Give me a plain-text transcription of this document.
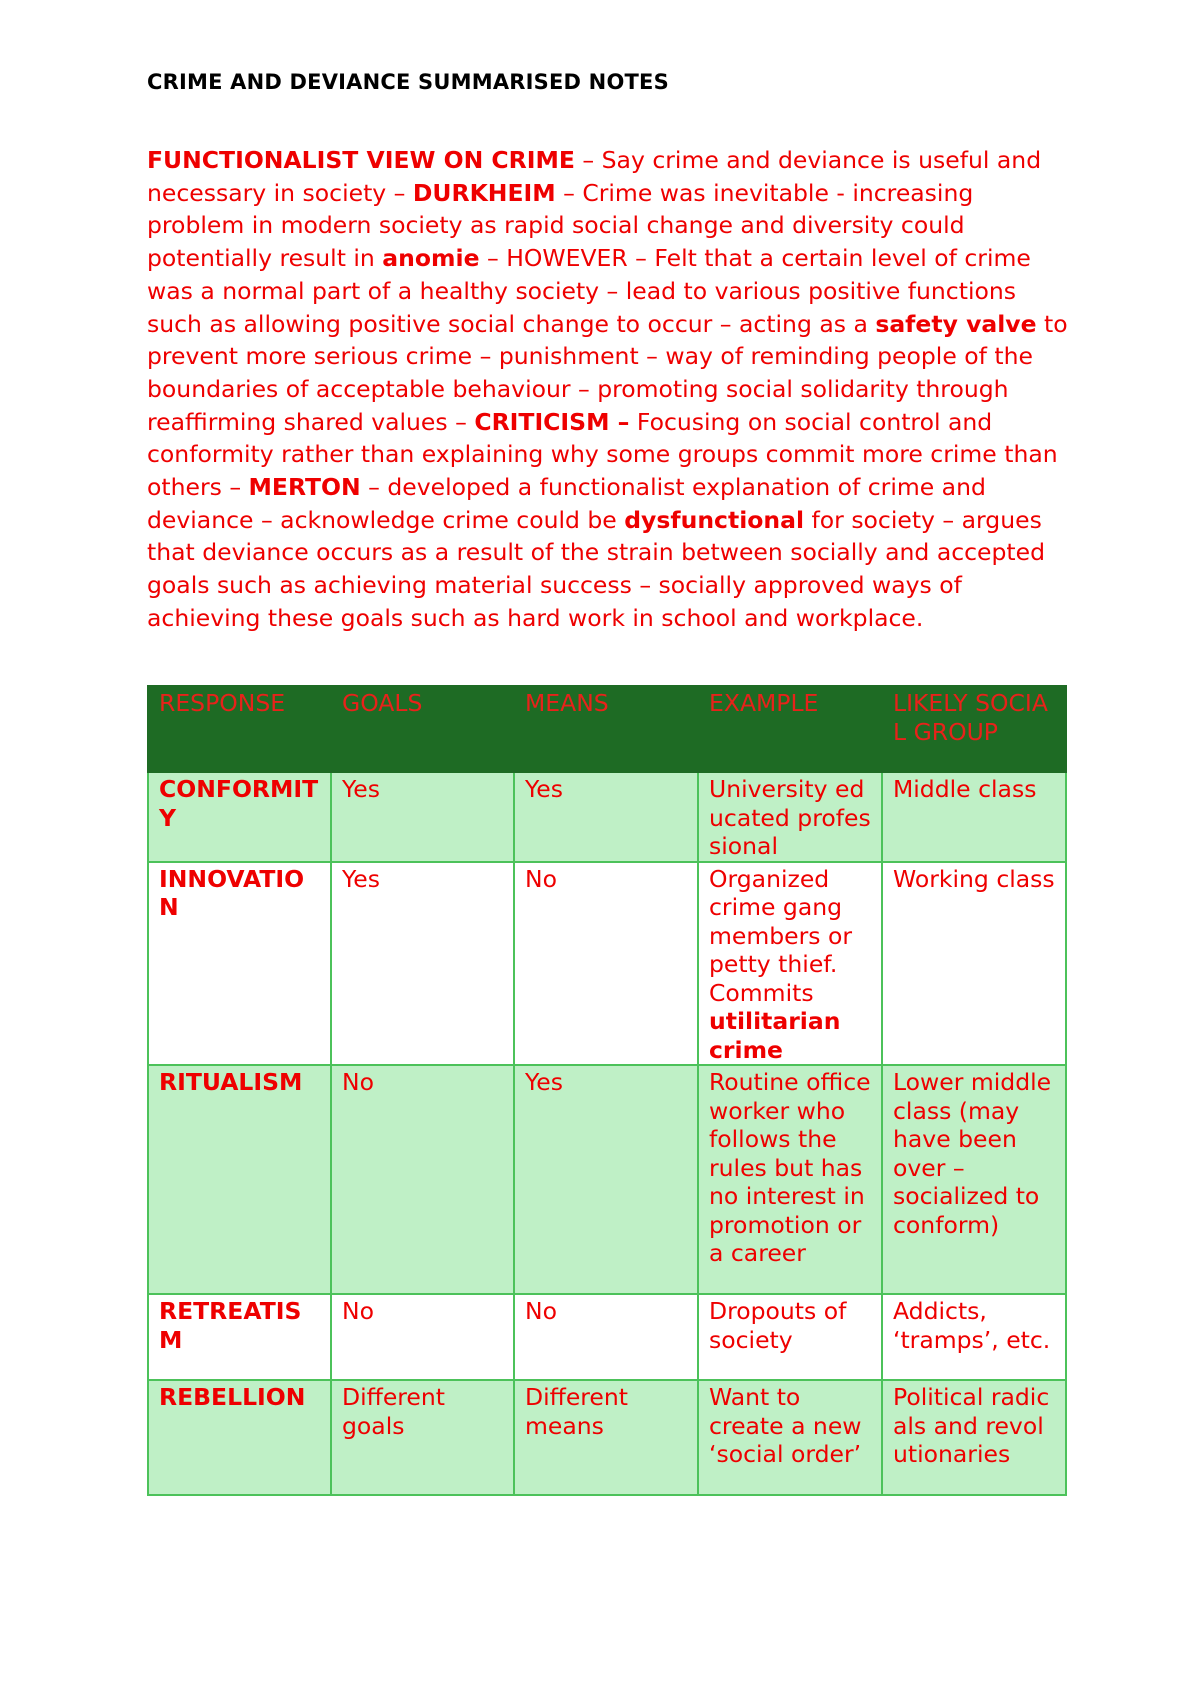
CRIME AND DEVIANCE SUMMARISED NOTES

FUNCTIONALIST VIEW ON CRIME – Say crime and deviance is useful and necessary in society – DURKHEIM – Crime was inevitable - increasing problem in modern society as rapid social change and diversity could potentially result in anomie – HOWEVER – Felt that a certain level of crime was a normal part of a healthy society – lead to various positive functions such as allowing positive social change to occur – acting as a safety valve to prevent more serious crime – punishment – way of reminding people of the boundaries of acceptable behaviour – promoting social solidarity through reaffirming shared values – CRITICISM – Focusing on social control and conformity rather than explaining why some groups commit more crime than others – MERTON – developed a functionalist explanation of crime and deviance – acknowledge crime could be dysfunctional for society – argues that deviance occurs as a result of the strain between socially and accepted goals such as achieving material success – socially approved ways of achieving these goals such as hard work in school and workplace.

RESPONSE	GOALS	MEANS	EXAMPLE	LIKELY SOCIAL GROUP
CONFORMITY	Yes	Yes	University educated professional	Middle class
INNOVATION	Yes	No	Organized crime gang members or petty thief. Commits utilitarian crime	Working class
RITUALISM	No	Yes	Routine office worker who follows the rules but has no interest in promotion or a career	Lower middle class (may have been over – socialized to conform)
RETREATISM	No	No	Dropouts of society	Addicts, ‘tramps’, etc.
REBELLION	Different goals	Different means	Want to create a new ‘social order’	Political radicals and revolutionaries
